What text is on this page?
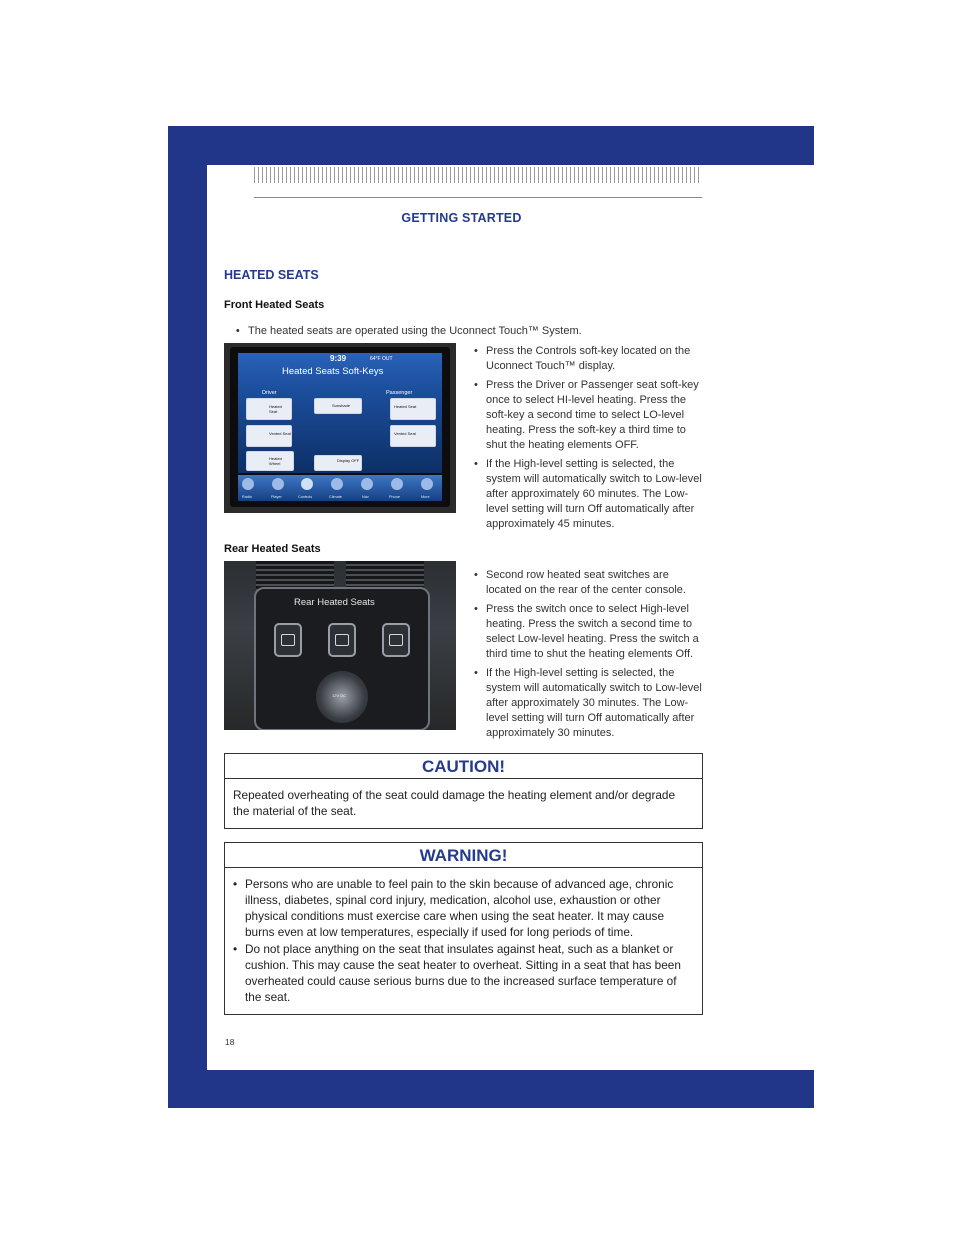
GETTING STARTED
HEATED SEATS
Front Heated Seats
• The heated seats are operated using the Uconnect Touch™ System.
9:39	64°F OUT
Heated Seats Soft-Keys
Driver	Passenger
Heated Seat
Sunshade	Heated Seat
Vented Seat	Vented Seat
Heated Wheel
Display OFF
Radio	Player	Controls	Climate	Nav	Phone	More
• Press the Controls soft-key located on the Uconnect Touch™ display.
• Press the Driver or Passenger seat soft-key once to select HI-level heating. Press the soft-key a second time to select LO-level heating. Press the soft-key a third time to shut the heating elements OFF.
• If the High-level setting is selected, the system will automatically switch to Low-level after approximately 60 minutes. The Low-level setting will turn Off automatically after approximately 45 minutes.
Rear Heated Seats
Rear Heated Seats
12V DC
• Second row heated seat switches are located on the rear of the center console.
• Press the switch once to select High-level heating. Press the switch a second time to select Low-level heating. Press the switch a third time to shut the heating elements Off.
• If the High-level setting is selected, the system will automatically switch to Low-level after approximately 30 minutes. The Low-level setting will turn Off automatically after approximately 30 minutes.
CAUTION!
Repeated overheating of the seat could damage the heating element and/or degrade the material of the seat.
WARNING!
• Persons who are unable to feel pain to the skin because of advanced age, chronic illness, diabetes, spinal cord injury, medication, alcohol use, exhaustion or other physical conditions must exercise care when using the seat heater. It may cause burns even at low temperatures, especially if used for long periods of time.
• Do not place anything on the seat that insulates against heat, such as a blanket or cushion. This may cause the seat heater to overheat. Sitting in a seat that has been overheated could cause serious burns due to the increased surface temperature of the seat.
18
